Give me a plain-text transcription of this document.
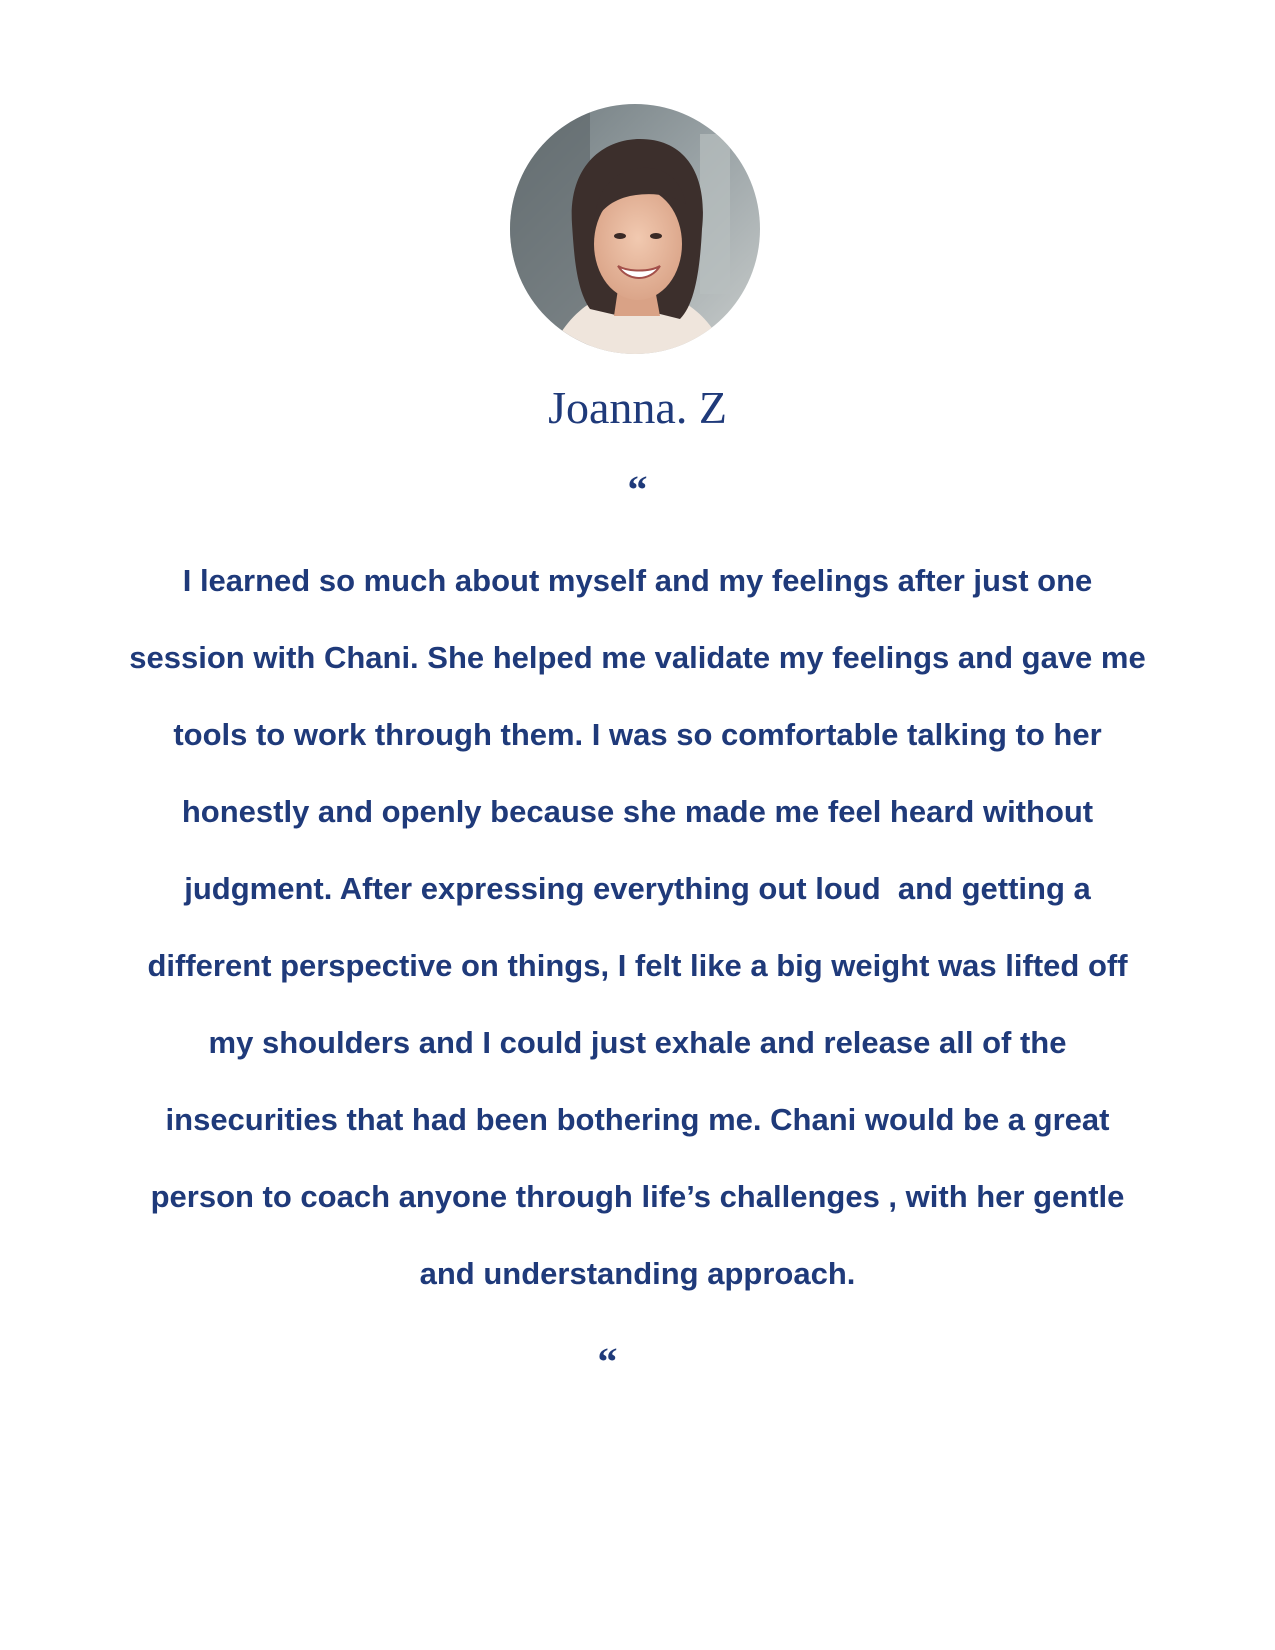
Joanna. Z
“

I learned so much about myself and my feelings after just one
session with Chani. She helped me validate my feelings and gave me
tools to work through them. I was so comfortable talking to her
honestly and openly because she made me feel heard without
judgment. After expressing everything out loud  and getting a
different perspective on things, I felt like a big weight was lifted off
my shoulders and I could just exhale and release all of the
insecurities that had been bothering me. Chani would be a great
person to coach anyone through life’s challenges , with her gentle
and understanding approach.

“
